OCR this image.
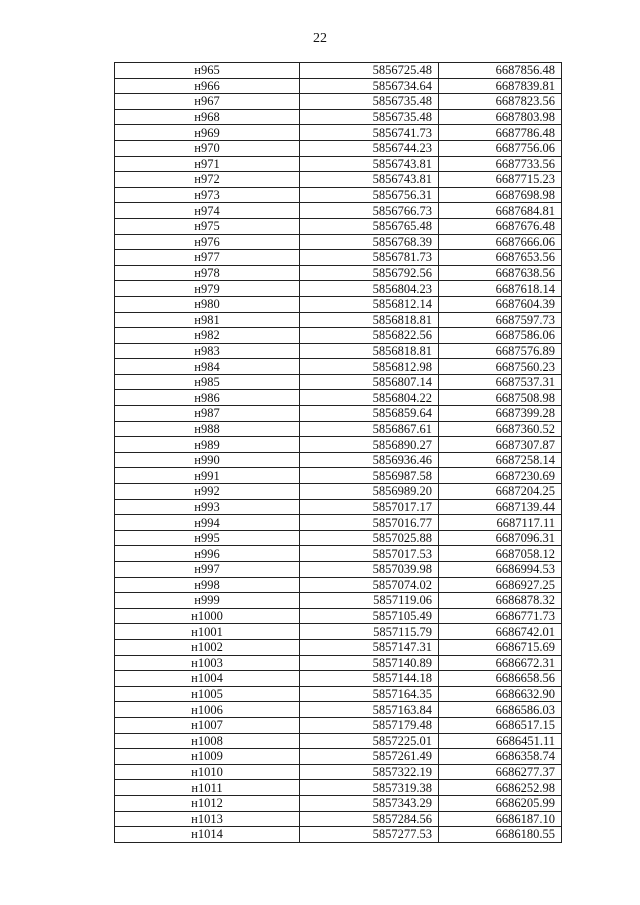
22
н965	5856725.48	6687856.48
н966	5856734.64	6687839.81
н967	5856735.48	6687823.56
н968	5856735.48	6687803.98
н969	5856741.73	6687786.48
н970	5856744.23	6687756.06
н971	5856743.81	6687733.56
н972	5856743.81	6687715.23
н973	5856756.31	6687698.98
н974	5856766.73	6687684.81
н975	5856765.48	6687676.48
н976	5856768.39	6687666.06
н977	5856781.73	6687653.56
н978	5856792.56	6687638.56
н979	5856804.23	6687618.14
н980	5856812.14	6687604.39
н981	5856818.81	6687597.73
н982	5856822.56	6687586.06
н983	5856818.81	6687576.89
н984	5856812.98	6687560.23
н985	5856807.14	6687537.31
н986	5856804.22	6687508.98
н987	5856859.64	6687399.28
н988	5856867.61	6687360.52
н989	5856890.27	6687307.87
н990	5856936.46	6687258.14
н991	5856987.58	6687230.69
н992	5856989.20	6687204.25
н993	5857017.17	6687139.44
н994	5857016.77	6687117.11
н995	5857025.88	6687096.31
н996	5857017.53	6687058.12
н997	5857039.98	6686994.53
н998	5857074.02	6686927.25
н999	5857119.06	6686878.32
н1000	5857105.49	6686771.73
н1001	5857115.79	6686742.01
н1002	5857147.31	6686715.69
н1003	5857140.89	6686672.31
н1004	5857144.18	6686658.56
н1005	5857164.35	6686632.90
н1006	5857163.84	6686586.03
н1007	5857179.48	6686517.15
н1008	5857225.01	6686451.11
н1009	5857261.49	6686358.74
н1010	5857322.19	6686277.37
н1011	5857319.38	6686252.98
н1012	5857343.29	6686205.99
н1013	5857284.56	6686187.10
н1014	5857277.53	6686180.55
